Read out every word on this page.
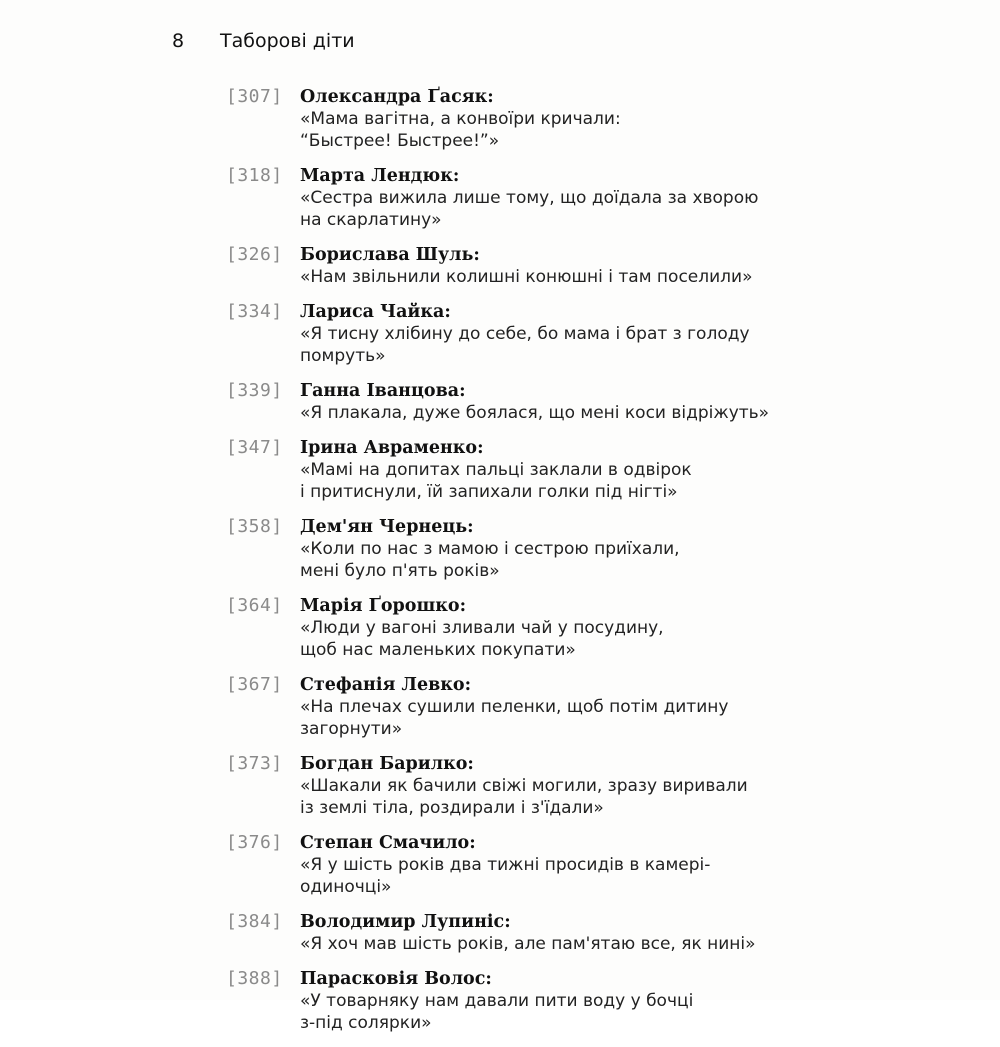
8	Таборові діти
[307] Олександра Ґасяк:
«Мама вагітна, а конвоїри кричали:
“Быстрее! Быстрее!”»
[318] Марта Лендюк:
«Сестра вижила лише тому, що доїдала за хворою
на скарлатину»
[326] Борислава Шуль:
«Нам звільнили колишні конюшні і там поселили»
[334] Лариса Чайка:
«Я тисну хлібину до себе, бо мама і брат з голоду
помруть»
[339] Ганна Іванцова:
«Я плакала, дуже боялася, що мені коси відріжуть»
[347] Ірина Авраменко:
«Мамі на допитах пальці заклали в одвірок
і притиснули, їй запихали голки під нігті»
[358] Дем'ян Чернець:
«Коли по нас з мамою і сестрою приїхали,
мені було п'ять років»
[364] Марія Ґорошко:
«Люди у вагоні зливали чай у посудину,
щоб нас маленьких покупати»
[367] Стефанія Левко:
«На плечах сушили пеленки, щоб потім дитину
загорнути»
[373] Богдан Барилко:
«Шакали як бачили свіжі могили, зразу виривали
із землі тіла, роздирали і з'їдали»
[376] Степан Смачило:
«Я у шість років два тижні просидів в камері-
одиночці»
[384] Володимир Лупиніс:
«Я хоч мав шість років, але пам'ятаю все, як нині»
[388] Парасковія Волос:
«У товарняку нам давали пити воду у бочці
з-під солярки»
